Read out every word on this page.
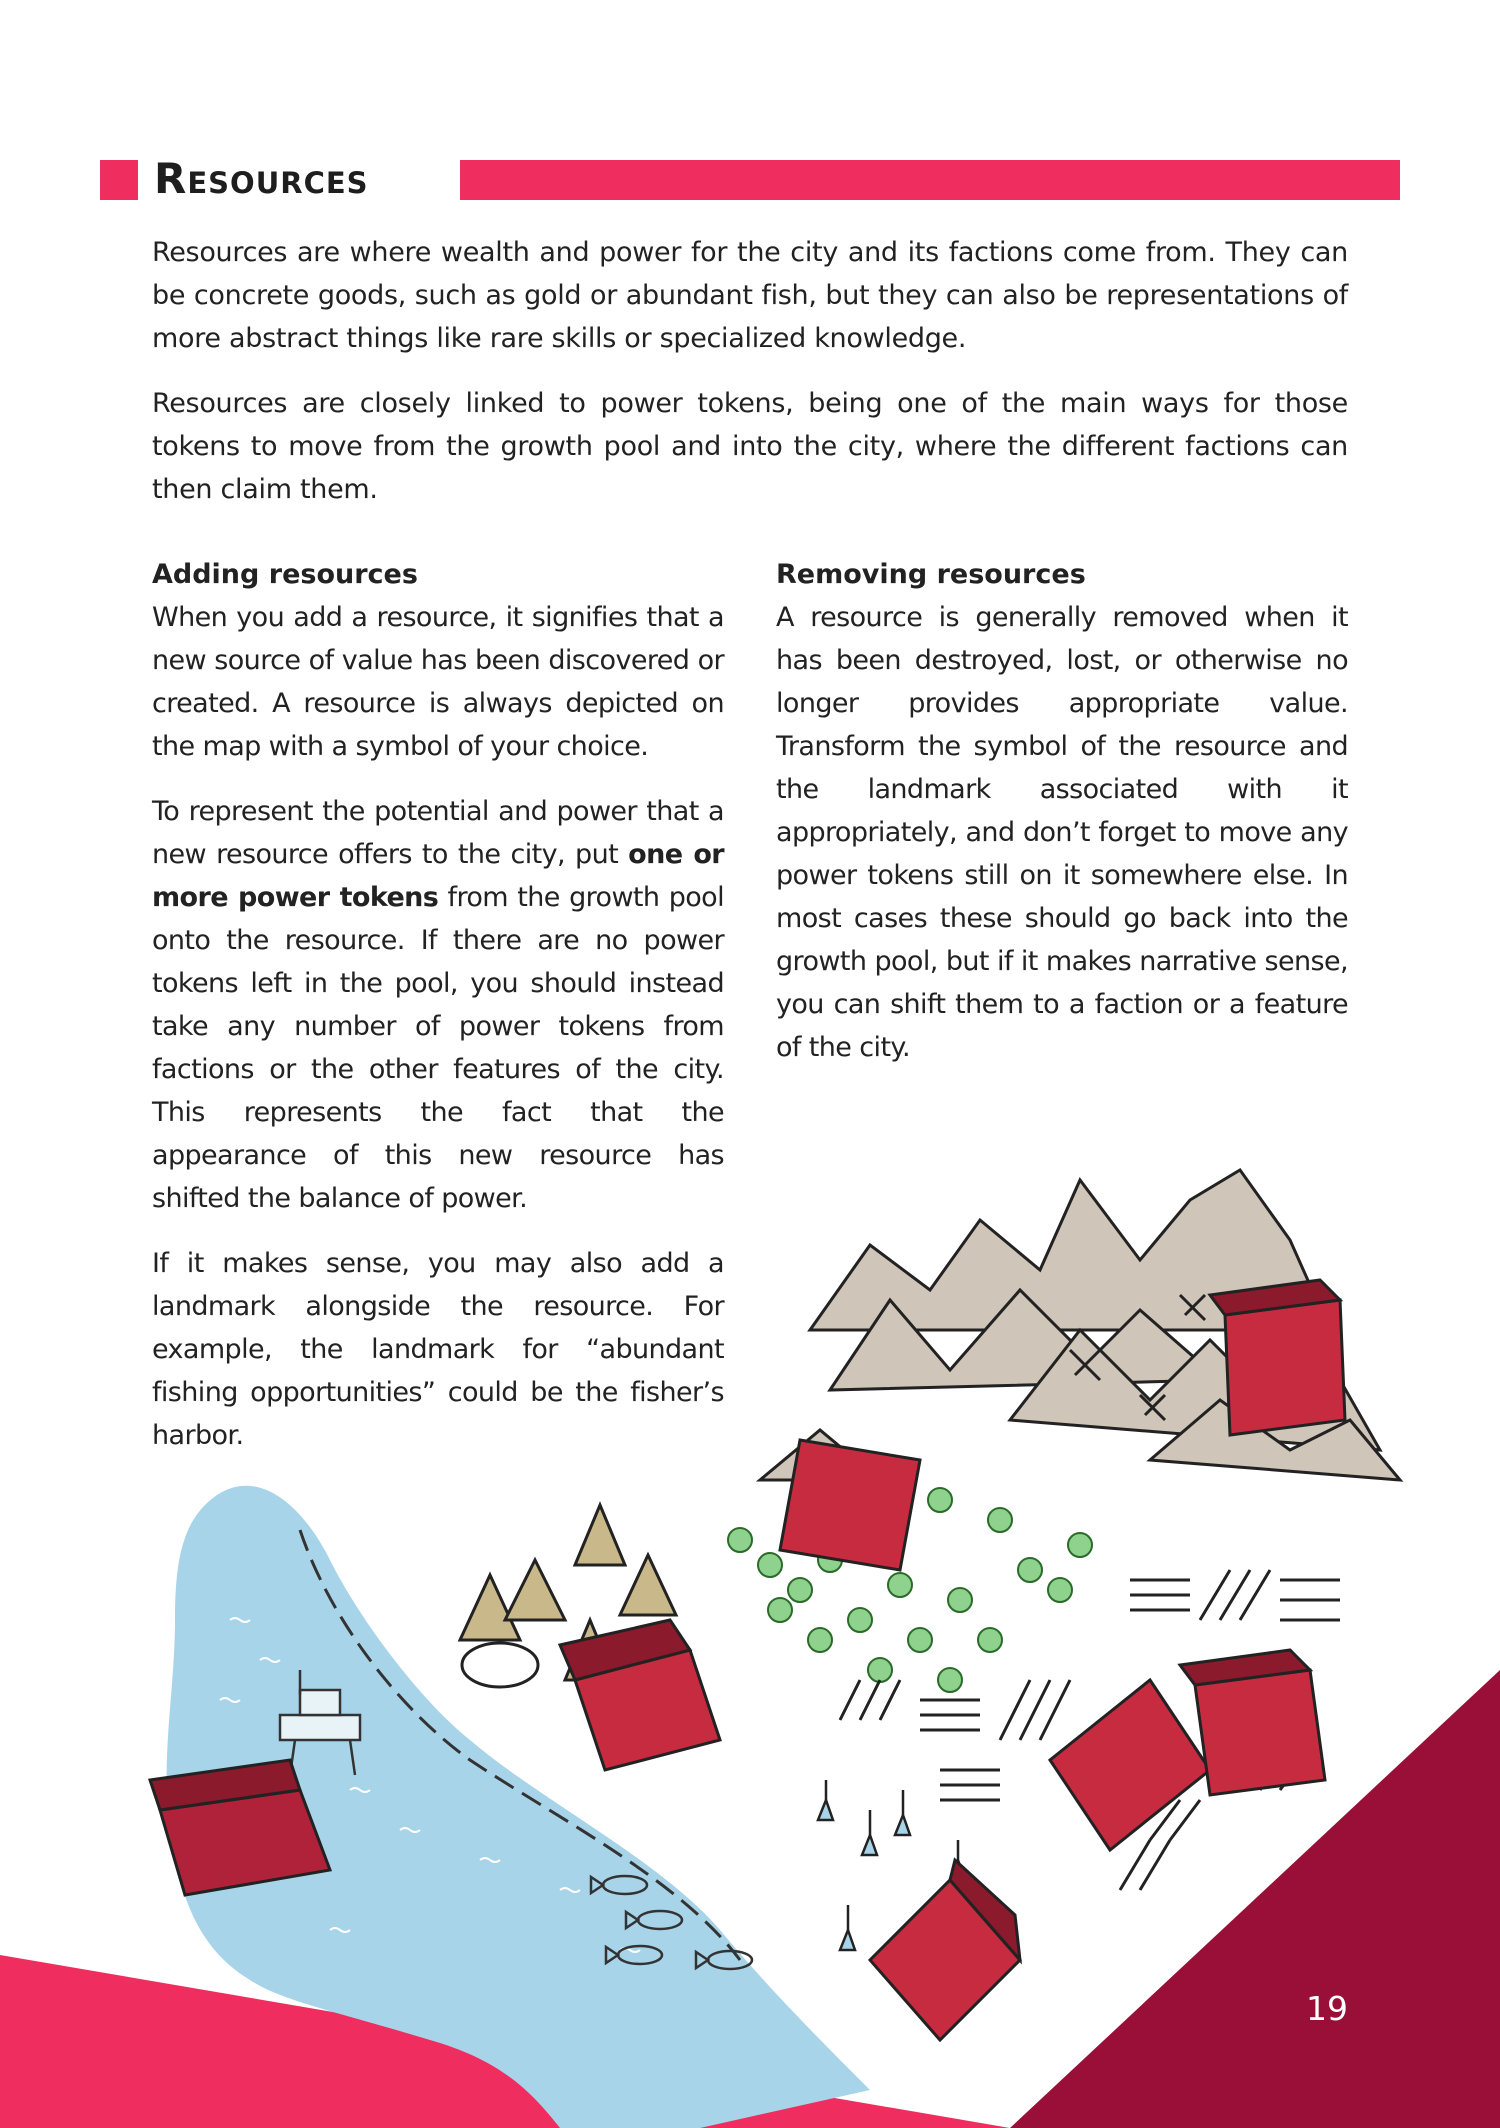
Resources

Resources are where wealth and power for the city and its factions come from. They can be concrete goods, such as gold or abundant fish, but they can also be representations of more abstract things like rare skills or specialized knowledge.

Resources are closely linked to power tokens, being one of the main ways for those tokens to move from the growth pool and into the city, where the different factions can then claim them.

Adding resources

When you add a resource, it signifies that a new source of value has been discovered or created. A resource is always depicted on the map with a symbol of your choice.

To represent the potential and power that a new resource offers to the city, put one or more power tokens from the growth pool onto the resource. If there are no power tokens left in the pool, you should instead take any number of power tokens from factions or the other features of the city. This represents the fact that the appearance of this new resource has shifted the balance of power.

If it makes sense, you may also add a landmark alongside the resource. For example, the landmark for “abundant fishing opportunities” could be the fisher’s harbor.

Removing resources

A resource is generally removed when it has been destroyed, lost, or otherwise no longer provides appropriate value. Transform the symbol of the resource and the landmark associated with it appropriately, and don’t forget to move any power tokens still on it somewhere else. In most cases these should go back into the growth pool, but if it makes narrative sense, you can shift them to a faction or a feature of the city.

19
